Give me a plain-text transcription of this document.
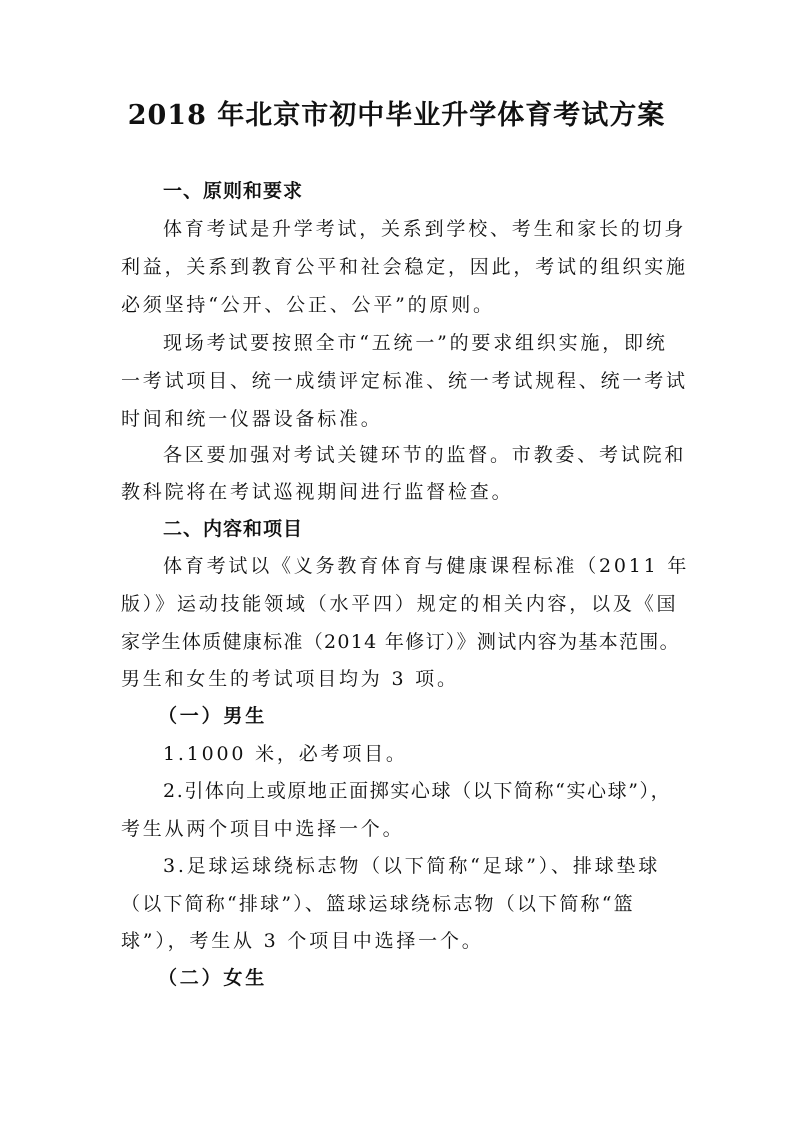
2018 年北京市初中毕业升学体育考试方案
一、原则和要求
体育考试是升学考试，关系到学校、考生和家长的切身
利益，关系到教育公平和社会稳定，因此，考试的组织实施
必须坚持“公开、公正、公平”的原则。
现场考试要按照全市“五统一”的要求组织实施，即统
一考试项目、统一成绩评定标准、统一考试规程、统一考试
时间和统一仪器设备标准。
各区要加强对考试关键环节的监督。市教委、考试院和
教科院将在考试巡视期间进行监督检查。
二、内容和项目
体育考试以《义务教育体育与健康课程标准（2011 年
版）》运动技能领域（水平四）规定的相关内容，以及《国
家学生体质健康标准（2014 年修订）》测试内容为基本范围。
男生和女生的考试项目均为 3 项。
（一）男生
1.1000 米，必考项目。
2.引体向上或原地正面掷实心球（以下简称“实心球”），
考生从两个项目中选择一个。
3.足球运球绕标志物（以下简称“足球”）、排球垫球
（以下简称“排球”）、篮球运球绕标志物（以下简称“篮
球”），考生从 3 个项目中选择一个。
（二）女生
